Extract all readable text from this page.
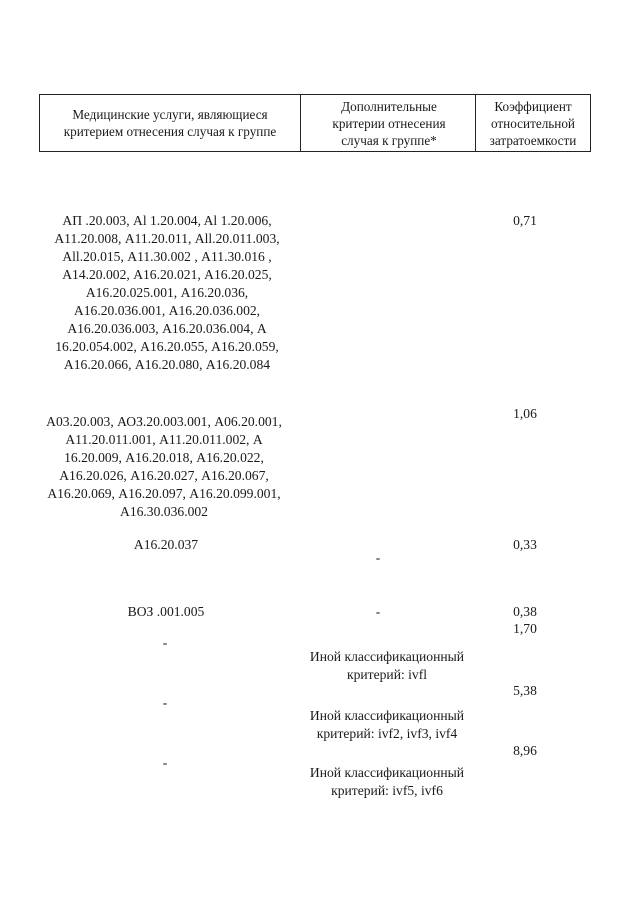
Медицинские услуги, являющиеся критерием отнесения случая к группе
Дополнительные критерии отнесения случая к группе*
Коэффициент относительной затратоемкости
АП .20.003, Al 1.20.004, Al 1.20.006, А11.20.008, А11.20.011, All.20.011.003, All.20.015, А11.30.002 , А11.30.016 , А14.20.002, А16.20.021, А16.20.025, А16.20.025.001, А16.20.036, А16.20.036.001, А16.20.036.002, А16.20.036.003, А16.20.036.004, А 16.20.054.002, А16.20.055, А16.20.059, А16.20.066, А16.20.080, А16.20.084
0,71
А03.20.003, АОЗ.20.003.001, А06.20.001, А11.20.011.001, А11.20.011.002, А 16.20.009, А16.20.018, А16.20.022, А16.20.026, А16.20.027, А16.20.067, А16.20.069, А16.20.097, А16.20.099.001, А16.30.036.002
1,06
А16.20.037
-
0,33
ВОЗ .001.005	-	0,38
1,70
-
Иной классификационный критерий: ivfl
5,38
-
Иной классификационный критерий: ivf2, ivf3, ivf4
8,96
-
Иной классификационный критерий: ivf5, ivf6
